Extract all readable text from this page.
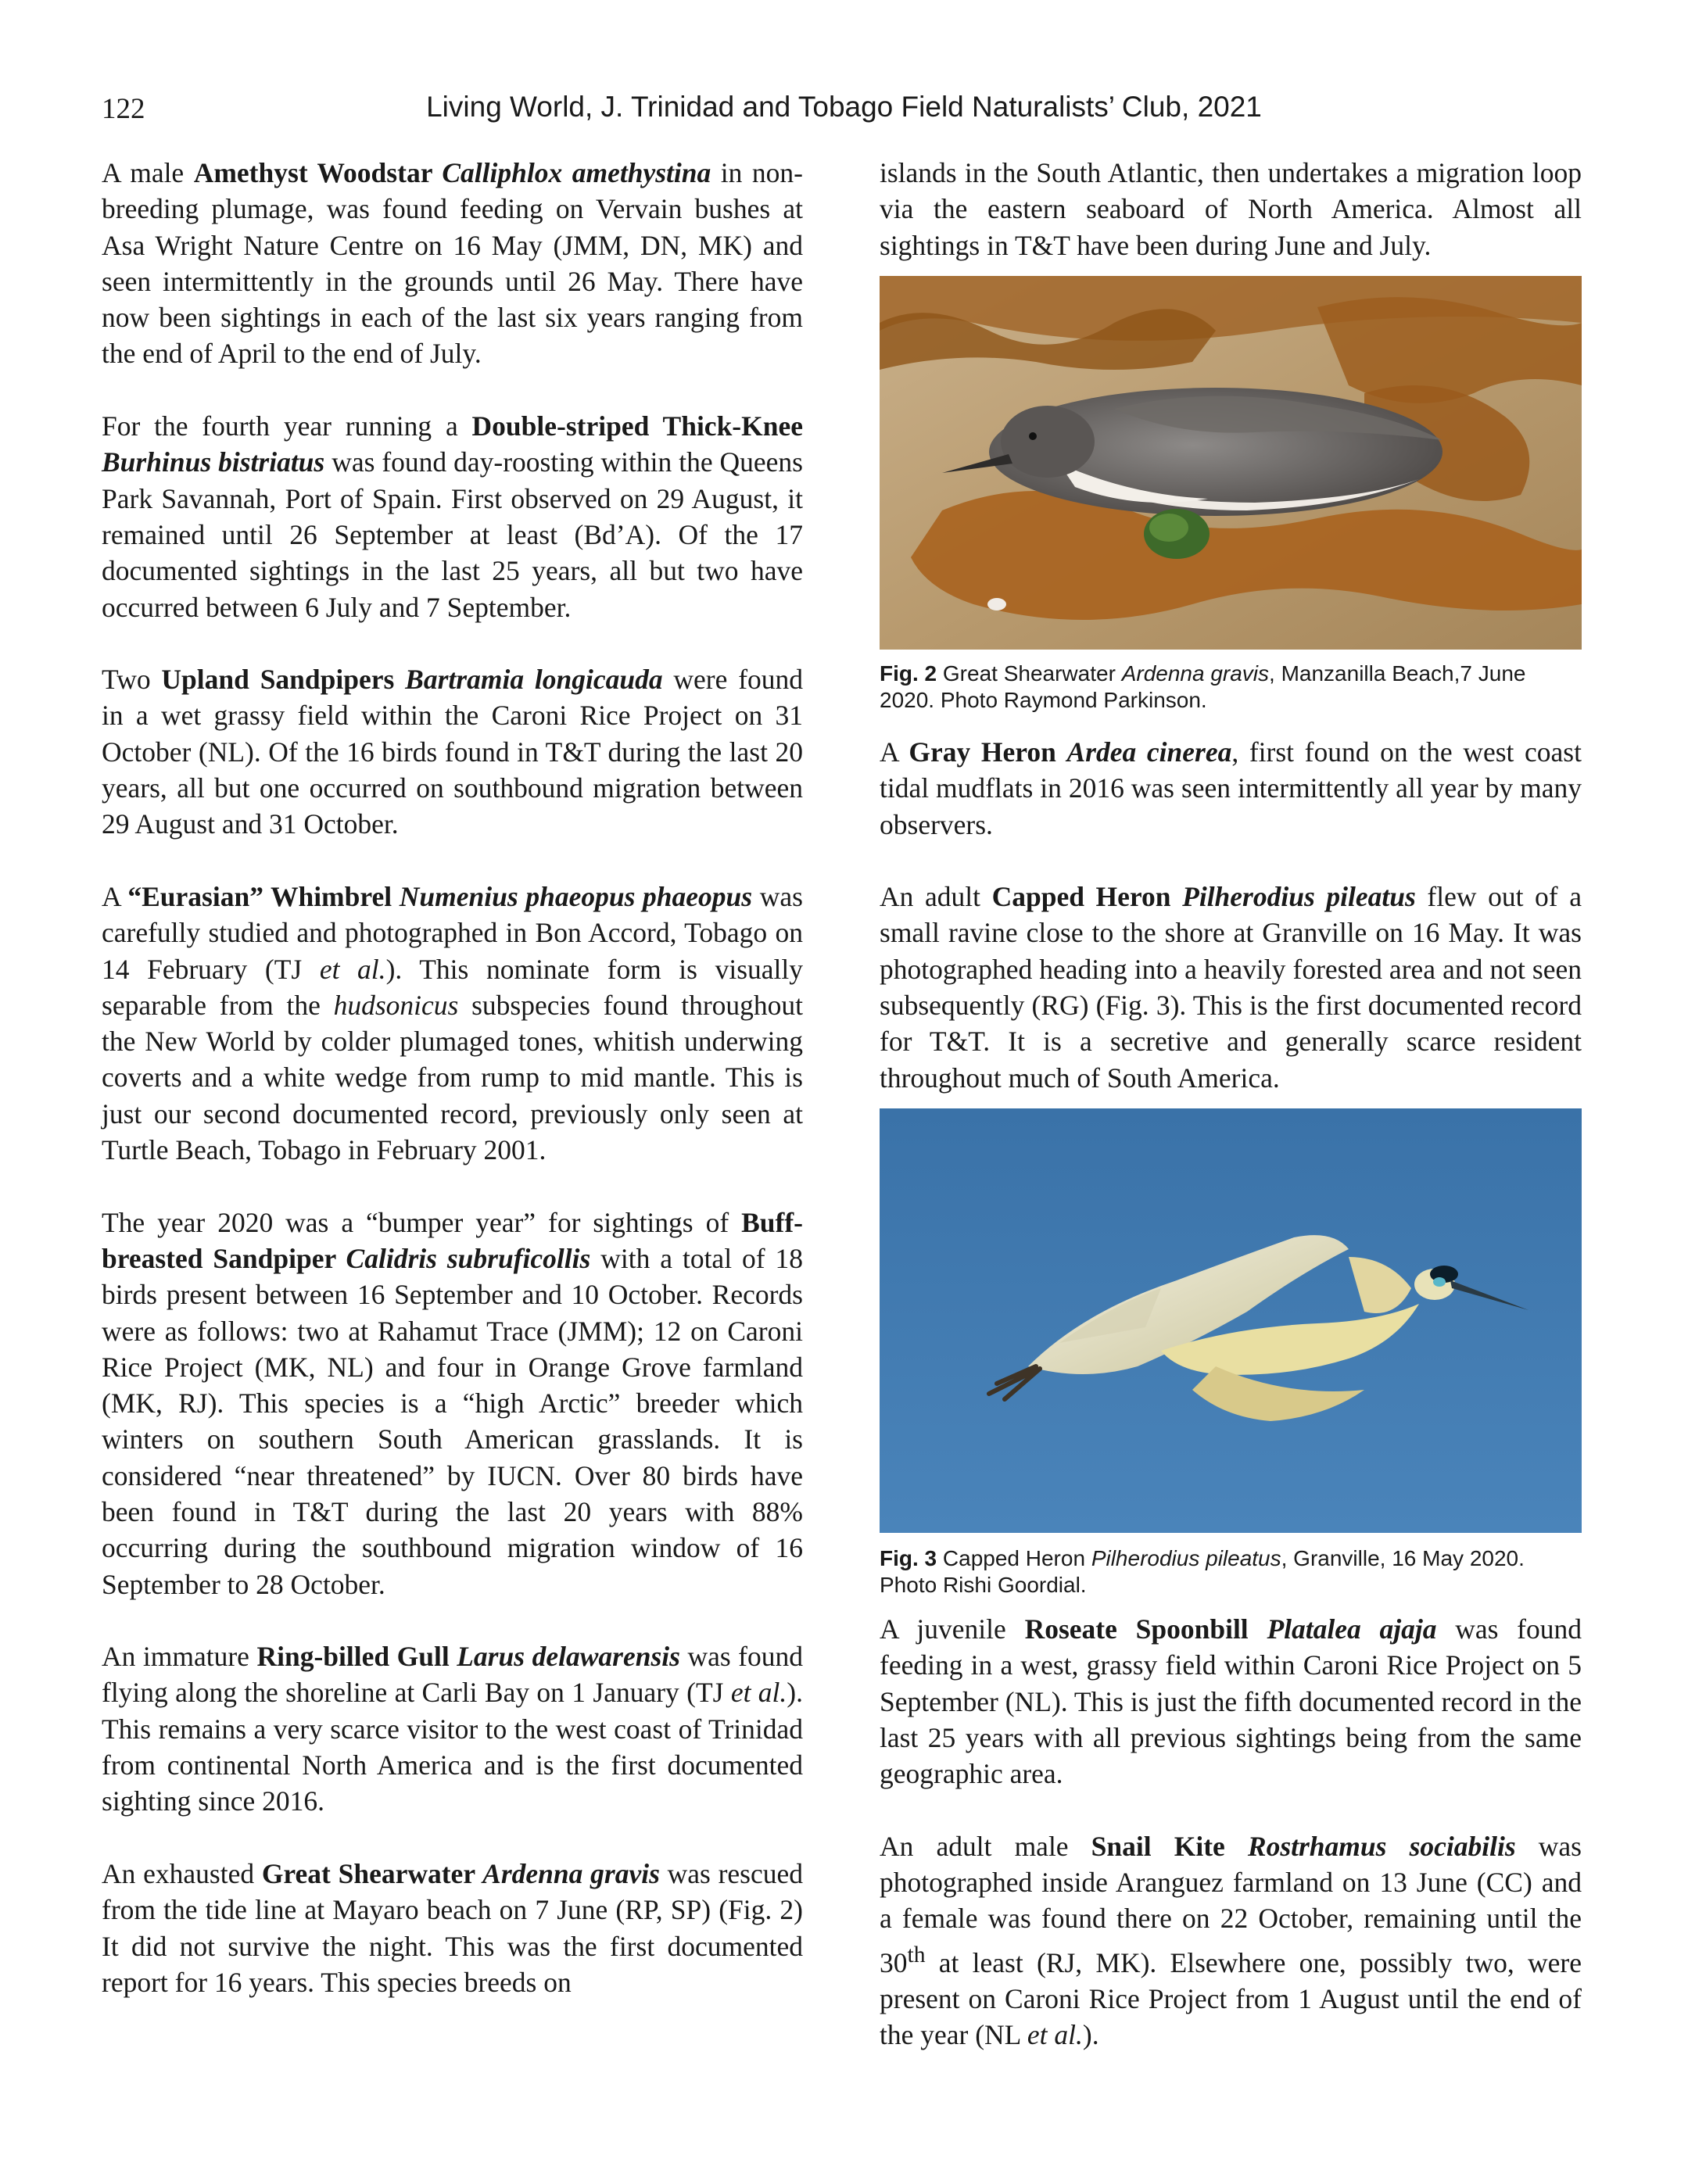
122	Living World, J. Trinidad and Tobago Field Naturalists’ Club, 2021

A male Amethyst Woodstar Calliphlox amethystina in non-breeding plumage, was found feeding on Vervain bushes at Asa Wright Nature Centre on 16 May (JMM, DN, MK) and seen intermittently in the grounds until 26 May. There have now been sightings in each of the last six years ranging from the end of April to the end of July.

For the fourth year running a Double-striped Thick-Knee Burhinus bistriatus was found day-roosting within the Queens Park Savannah, Port of Spain. First observed on 29 August, it remained until 26 September at least (Bd’A). Of the 17 documented sightings in the last 25 years, all but two have occurred between 6 July and 7 September.

Two Upland Sandpipers Bartramia longicauda were found in a wet grassy field within the Caroni Rice Project on 31 October (NL). Of the 16 birds found in T&T during the last 20 years, all but one occurred on southbound migration between 29 August and 31 October.

A “Eurasian” Whimbrel Numenius phaeopus phaeopus was carefully studied and photographed in Bon Accord, Tobago on 14 February (TJ et al.). This nominate form is visually separable from the hudsonicus subspecies found throughout the New World by colder plumaged tones, whitish underwing coverts and a white wedge from rump to mid mantle. This is just our second documented record, previously only seen at Turtle Beach, Tobago in February 2001.

The year 2020 was a “bumper year” for sightings of Buff-breasted Sandpiper Calidris subruficollis with a total of 18 birds present between 16 September and 10 October. Records were as follows: two at Rahamut Trace (JMM); 12 on Caroni Rice Project (MK, NL) and four in Orange Grove farmland (MK, RJ). This species is a “high Arctic” breeder which winters on southern South American grasslands. It is considered “near threatened” by IUCN. Over 80 birds have been found in T&T during the last 20 years with 88% occurring during the southbound migration window of 16 September to 28 October.

An immature Ring-billed Gull Larus delawarensis was found flying along the shoreline at Carli Bay on 1 January (TJ et al.). This remains a very scarce visitor to the west coast of Trinidad from continental North America and is the first documented sighting since 2016.

An exhausted Great Shearwater Ardenna gravis was rescued from the tide line at Mayaro beach on 7 June (RP, SP) (Fig. 2) It did not survive the night. This was the first documented report for 16 years. This species breeds on

islands in the South Atlantic, then undertakes a migration loop via the eastern seaboard of North America. Almost all sightings in T&T have been during June and July.

Fig. 2 Great Shearwater Ardenna gravis, Manzanilla Beach,7 June 2020. Photo Raymond Parkinson.

A Gray Heron Ardea cinerea, first found on the west coast tidal mudflats in 2016 was seen intermittently all year by many observers.

An adult Capped Heron Pilherodius pileatus flew out of a small ravine close to the shore at Granville on 16 May. It was photographed heading into a heavily forested area and not seen subsequently (RG) (Fig. 3). This is the first documented record for T&T. It is a secretive and generally scarce resident throughout much of South America.

Fig. 3 Capped Heron Pilherodius pileatus, Granville, 16 May 2020. Photo Rishi Goordial.

A juvenile Roseate Spoonbill Platalea ajaja was found feeding in a west, grassy field within Caroni Rice Project on 5 September (NL). This is just the fifth documented record in the last 25 years with all previous sightings being from the same geographic area.

An adult male Snail Kite Rostrhamus sociabilis was photographed inside Aranguez farmland on 13 June (CC) and a female was found there on 22 October, remaining until the 30th at least (RJ, MK). Elsewhere one, possibly two, were present on Caroni Rice Project from 1 August until the end of the year (NL et al.).
